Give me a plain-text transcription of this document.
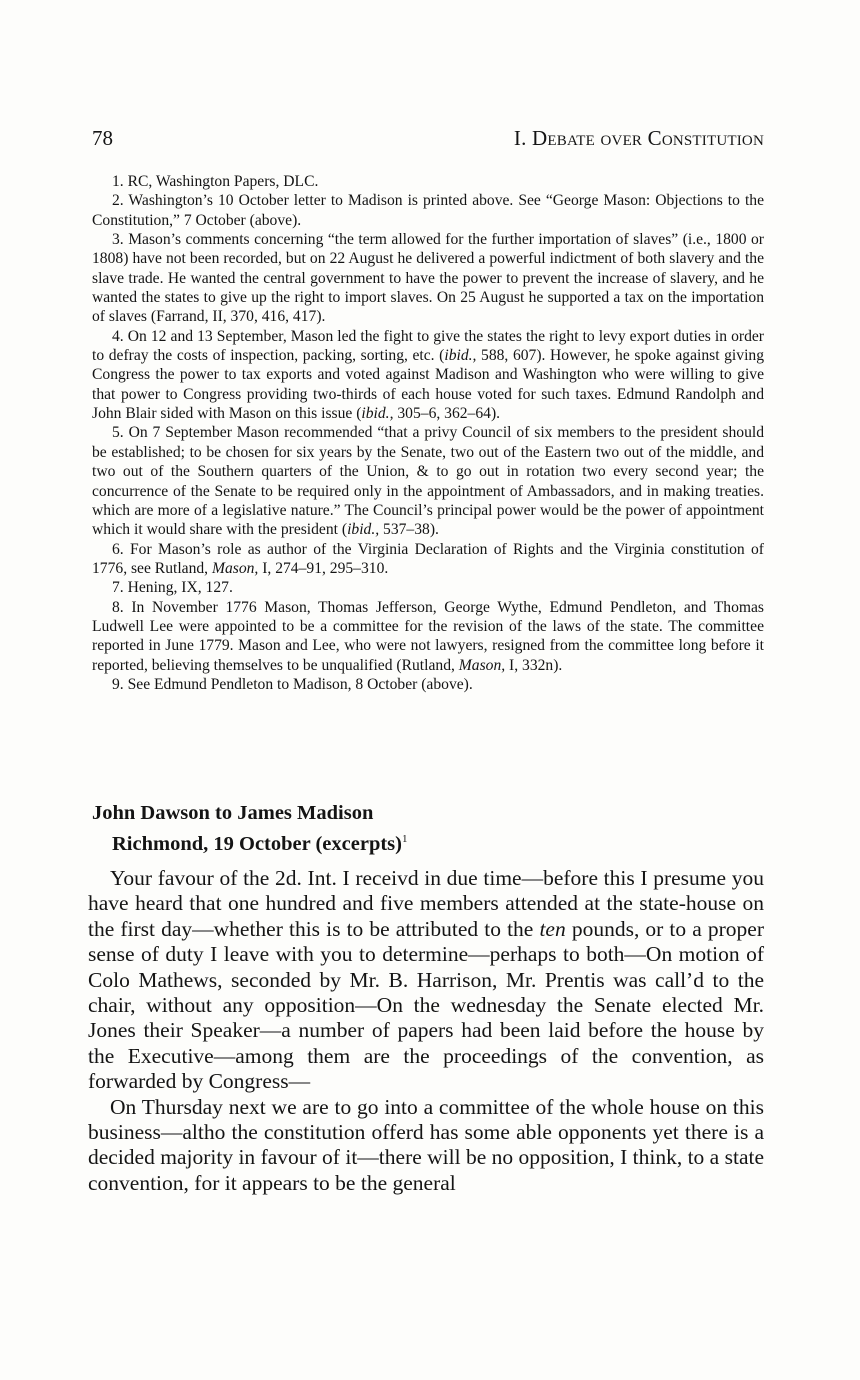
78	I. Debate over Constitution

1. RC, Washington Papers, DLC.

2. Washington’s 10 October letter to Madison is printed above. See “George Mason: Objections to the Constitution,” 7 October (above).

3. Mason’s comments concerning “the term allowed for the further importation of slaves” (i.e., 1800 or 1808) have not been recorded, but on 22 August he delivered a powerful indictment of both slavery and the slave trade. He wanted the central government to have the power to prevent the increase of slavery, and he wanted the states to give up the right to import slaves. On 25 August he supported a tax on the importation of slaves (Farrand, II, 370, 416, 417).

4. On 12 and 13 September, Mason led the fight to give the states the right to levy export duties in order to defray the costs of inspection, packing, sorting, etc. (ibid., 588, 607). However, he spoke against giving Congress the power to tax exports and voted against Madison and Washington who were willing to give that power to Congress providing two-thirds of each house voted for such taxes. Edmund Randolph and John Blair sided with Mason on this issue (ibid., 305–6, 362–64).

5. On 7 September Mason recommended “that a privy Council of six members to the president should be established; to be chosen for six years by the Senate, two out of the Eastern two out of the middle, and two out of the Southern quarters of the Union, & to go out in rotation two every second year; the concurrence of the Senate to be required only in the appointment of Ambassadors, and in making treaties. which are more of a legislative nature.” The Council’s principal power would be the power of appointment which it would share with the president (ibid., 537–38).

6. For Mason’s role as author of the Virginia Declaration of Rights and the Virginia constitution of 1776, see Rutland, Mason, I, 274–91, 295–310.

7. Hening, IX, 127.

8. In November 1776 Mason, Thomas Jefferson, George Wythe, Edmund Pendleton, and Thomas Ludwell Lee were appointed to be a committee for the revision of the laws of the state. The committee reported in June 1779. Mason and Lee, who were not lawyers, resigned from the committee long before it reported, believing themselves to be unqualified (Rutland, Mason, I, 332n).

9. See Edmund Pendleton to Madison, 8 October (above).

John Dawson to James Madison
Richmond, 19 October (excerpts)$^1$

Your favour of the 2d. Int. I receivd in due time—before this I presume you have heard that one hundred and five members attended at the state-house on the first day—whether this is to be attributed to the ten pounds, or to a proper sense of duty I leave with you to determine—perhaps to both—On motion of Colo Mathews, seconded by Mr. B. Harrison, Mr. Prentis was call’d to the chair, without any opposition—On the wednesday the Senate elected Mr. Jones their Speaker—a number of papers had been laid before the house by the Executive—among them are the proceedings of the convention, as forwarded by Congress—

On Thursday next we are to go into a committee of the whole house on this business—altho the constitution offerd has some able opponents yet there is a decided majority in favour of it—there will be no opposition, I think, to a state convention, for it appears to be the general
